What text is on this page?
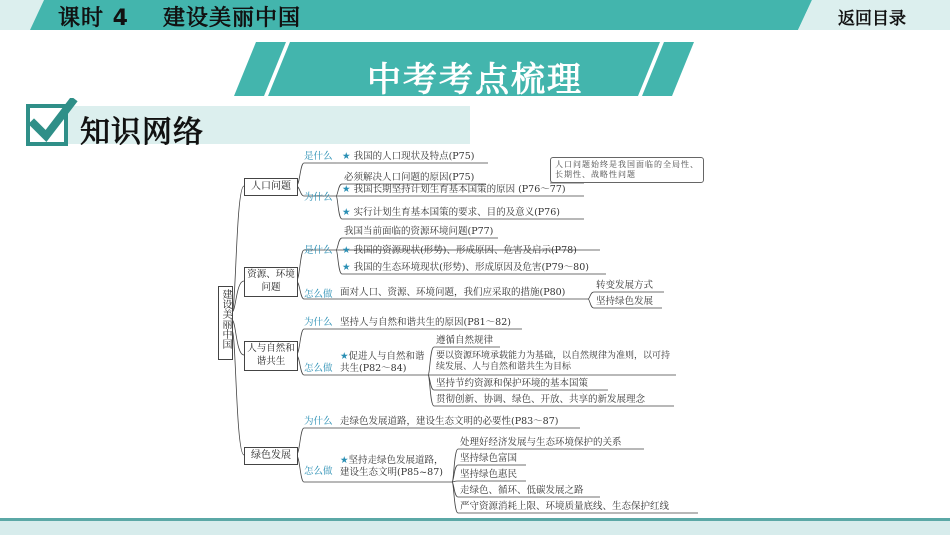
课时 4 建设美丽中国	返回目录
中考考点梳理
知识网络
建设美丽中国
人口问题
资源、环境问题
人与自然和谐共生
绿色发展
是什么 ★ 我国的人口现状及特点(P75)
为什么
必须解决人口问题的原因(P75)
★ 我国长期坚持计划生育基本国策的原因 (P76～77)
★ 实行计划生育基本国策的要求、目的及意义(P76)
人口问题始终是我国面临的全局性、长期性、战略性问题
是什么
我国当前面临的资源环境问题(P77)
★ 我国的资源现状(形势)、形成原因、危害及启示(P78)
★ 我国的生态环境现状(形势)、形成原因及危害(P79～80)
怎么做 面对人口、资源、环境问题，我们应采取的措施(P80)
转变发展方式
坚持绿色发展
为什么 坚持人与自然和谐共生的原因(P81～82)
怎么做
★促进人与自然和谐共生(P82～84)
遵循自然规律
要以资源环境承载能力为基础，以自然规律为准则，以可持续发展、人与自然和谐共生为目标
坚持节约资源和保护环境的基本国策
贯彻创新、协调、绿色、开放、共享的新发展理念
为什么 走绿色发展道路，建设生态文明的必要性(P83～87)
怎么做
★坚持走绿色发展道路，建设生态文明(P85~87)
处理好经济发展与生态环境保护的关系
坚持绿色富国
坚持绿色惠民
走绿色、循环、低碳发展之路
严守资源消耗上限、环境质量底线、生态保护红线
